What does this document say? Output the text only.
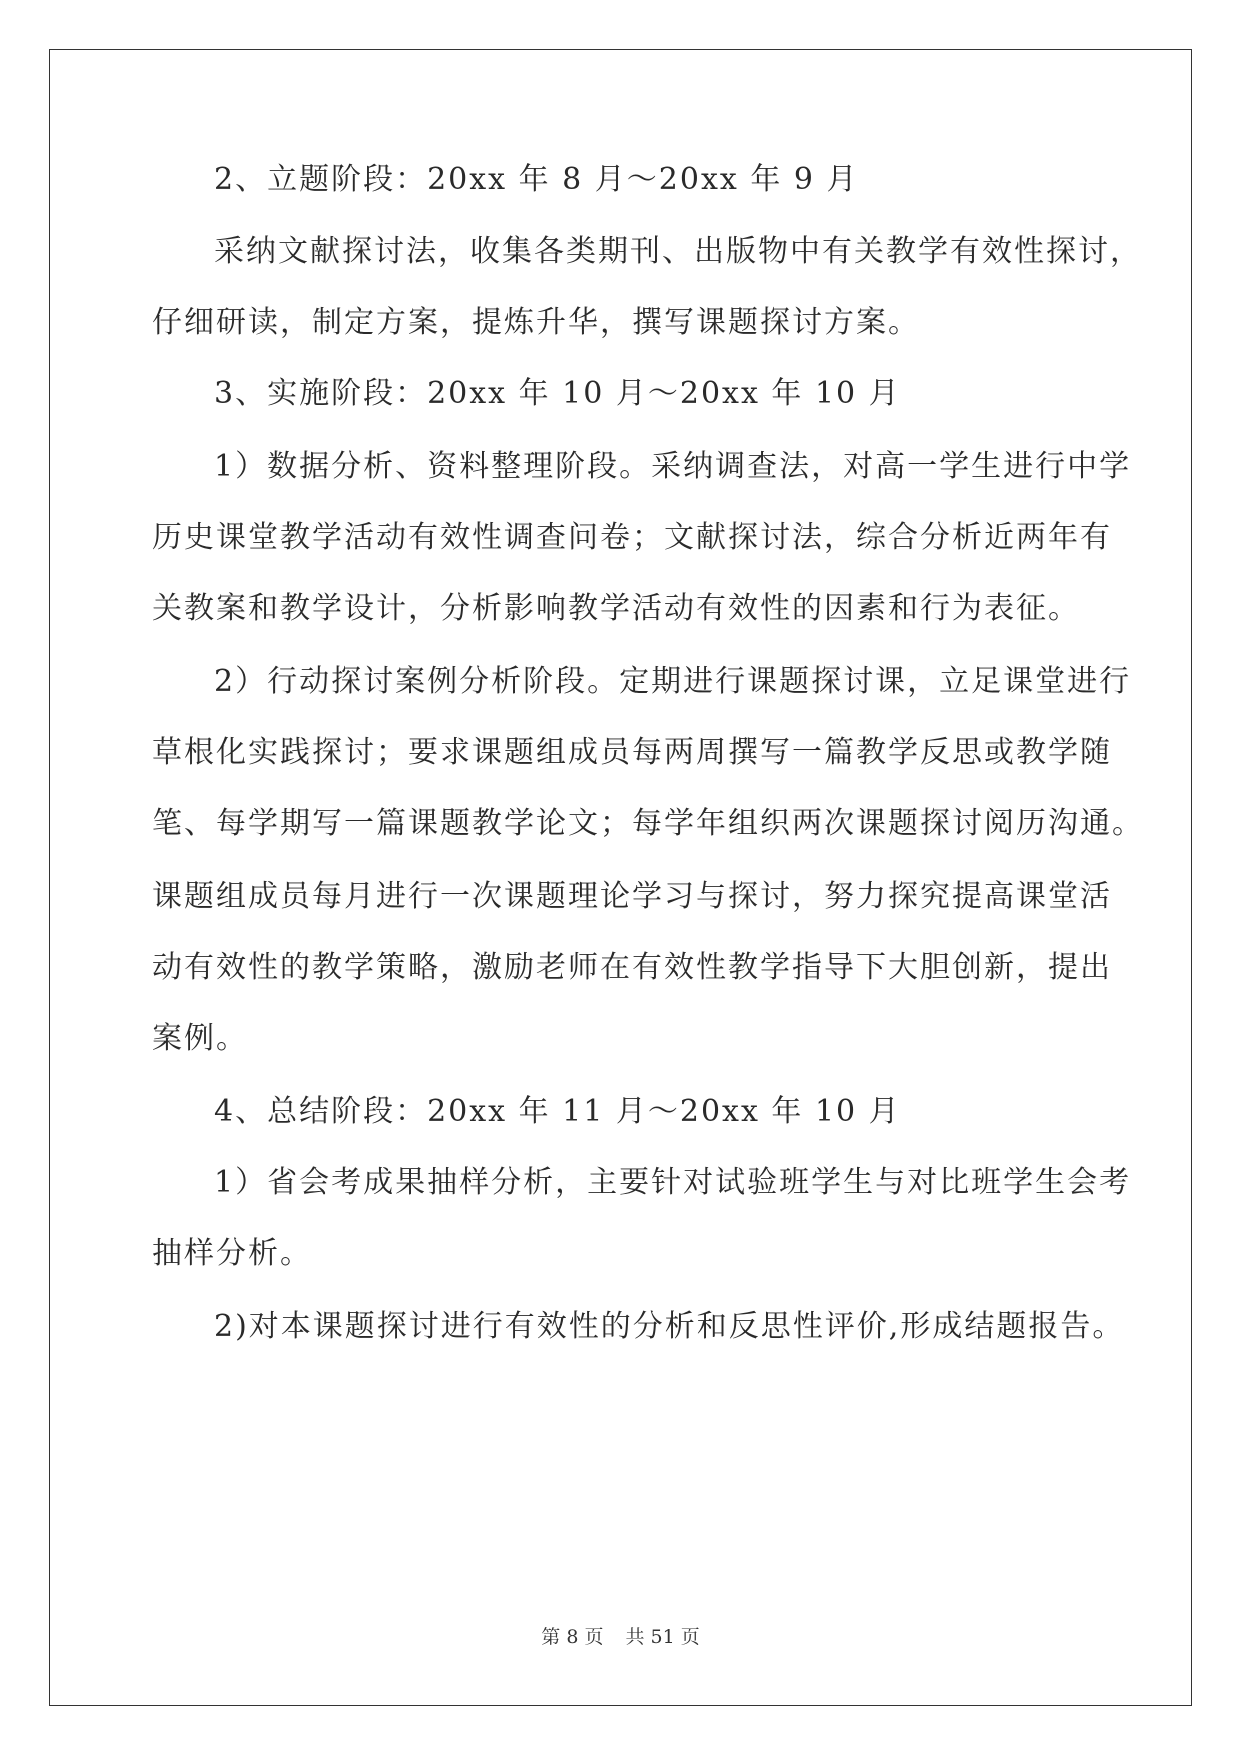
2、立题阶段：20xx 年 8 月～20xx 年 9 月
采纳文献探讨法，收集各类期刊、出版物中有关教学有效性探讨，
仔细研读，制定方案，提炼升华，撰写课题探讨方案。
3、实施阶段：20xx 年 10 月～20xx 年 10 月
1）数据分析、资料整理阶段。采纳调查法，对高一学生进行中学
历史课堂教学活动有效性调查问卷；文献探讨法，综合分析近两年有
关教案和教学设计，分析影响教学活动有效性的因素和行为表征。
2）行动探讨案例分析阶段。定期进行课题探讨课，立足课堂进行
草根化实践探讨；要求课题组成员每两周撰写一篇教学反思或教学随
笔、每学期写一篇课题教学论文；每学年组织两次课题探讨阅历沟通。
课题组成员每月进行一次课题理论学习与探讨，努力探究提高课堂活
动有效性的教学策略，激励老师在有效性教学指导下大胆创新，提出
案例。
4、总结阶段：20xx 年 11 月～20xx 年 10 月
1）省会考成果抽样分析，主要针对试验班学生与对比班学生会考
抽样分析。
2)对本课题探讨进行有效性的分析和反思性评价,形成结题报告。
第 8 页 共 51 页
